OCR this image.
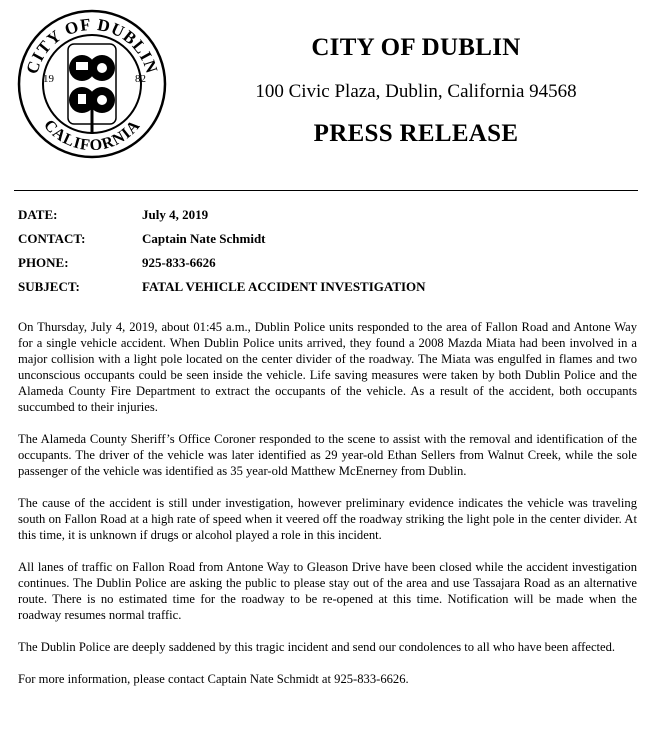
CITY OF DUBLIN
CALIFORNIA
19	82
CITY OF DUBLIN
100 Civic Plaza, Dublin, California 94568
PRESS RELEASE
DATE:	July 4, 2019
CONTACT:	Captain Nate Schmidt
PHONE:	925-833-6626
SUBJECT:	FATAL VEHICLE ACCIDENT INVESTIGATION

On Thursday, July 4, 2019, about 01:45 a.m., Dublin Police units responded to the area of Fallon Road and Antone Way for a single vehicle accident. When Dublin Police units arrived, they found a 2008 Mazda Miata had been involved in a major collision with a light pole located on the center divider of the roadway. The Miata was engulfed in flames and two unconscious occupants could be seen inside the vehicle. Life saving measures were taken by both Dublin Police and the Alameda County Fire Department to extract the occupants of the vehicle. As a result of the accident, both occupants succumbed to their injuries.

The Alameda County Sheriff’s Office Coroner responded to the scene to assist with the removal and identification of the occupants. The driver of the vehicle was later identified as 29 year-old Ethan Sellers from Walnut Creek, while the sole passenger of the vehicle was identified as 35 year-old Matthew McEnerney from Dublin.

The cause of the accident is still under investigation, however preliminary evidence indicates the vehicle was traveling south on Fallon Road at a high rate of speed when it veered off the roadway striking the light pole in the center divider. At this time, it is unknown if drugs or alcohol played a role in this incident.

All lanes of traffic on Fallon Road from Antone Way to Gleason Drive have been closed while the accident investigation continues. The Dublin Police are asking the public to please stay out of the area and use Tassajara Road as an alternative route. There is no estimated time for the roadway to be re-opened at this time. Notification will be made when the roadway resumes normal traffic.

The Dublin Police are deeply saddened by this tragic incident and send our condolences to all who have been affected.

For more information, please contact Captain Nate Schmidt at 925-833-6626.
